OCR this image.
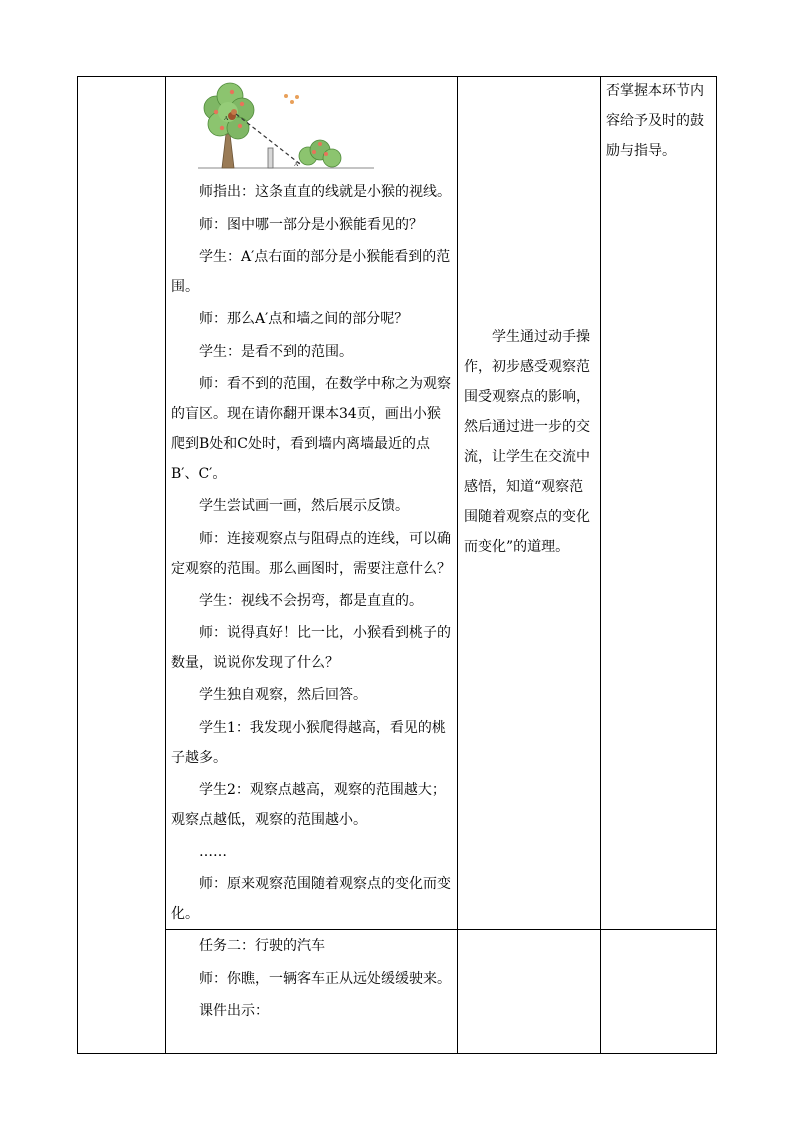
A
A′

师指出：这条直直的线就是小猴的视线。

师：图中哪一部分是小猴能看见的？

学生：A′点右面的部分是小猴能看到的范围。

师：那么A′点和墙之间的部分呢？

学生：是看不到的范围。

师：看不到的范围，在数学中称之为观察的盲区。现在请你翻开课本34页，画出小猴爬到B处和C处时，看到墙内离墙最近的点B′、C′。

学生尝试画一画，然后展示反馈。

师：连接观察点与阻碍点的连线，可以确定观察的范围。那么画图时，需要注意什么？

学生：视线不会拐弯，都是直直的。

师：说得真好！比一比，小猴看到桃子的数量，说说你发现了什么？

学生独自观察，然后回答。

学生1：我发现小猴爬得越高，看见的桃子越多。

学生2：观察点越高，观察的范围越大；观察点越低，观察的范围越小。

……

师：原来观察范围随着观察点的变化而变化。

学生通过动手操作，初步感受观察范围受观察点的影响，然后通过进一步的交流，让学生在交流中感悟，知道“观察范围随着观察点的变化而变化”的道理。

否掌握本环节内容给予及时的鼓励与指导。

任务二：行驶的汽车

师：你瞧，一辆客车正从远处缓缓驶来。

课件出示：
